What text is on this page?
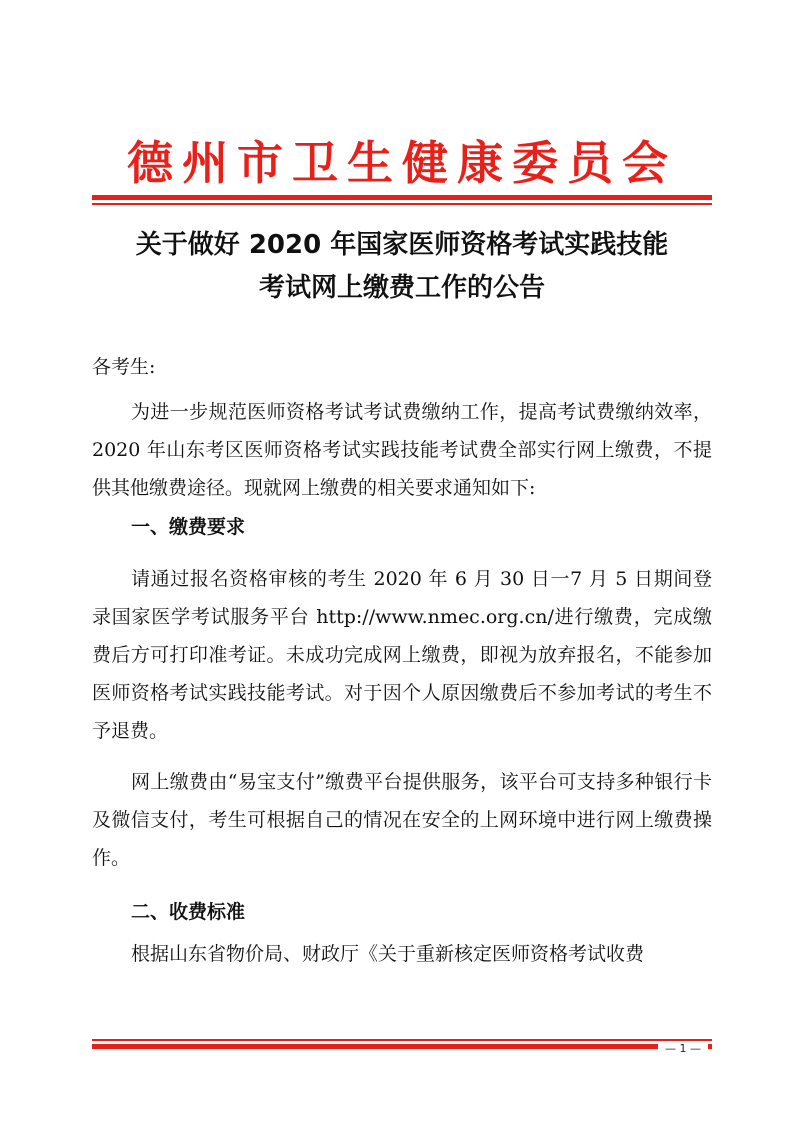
德州市卫生健康委员会
关于做好 2020 年国家医师资格考试实践技能
考试网上缴费工作的公告
各考生:
为进一步规范医师资格考试考试费缴纳工作，提高考试费缴纳效率，2020 年山东考区医师资格考试实践技能考试费全部实行网上缴费，不提供其他缴费途径。现就网上缴费的相关要求通知如下:
一、缴费要求
请通过报名资格审核的考生 2020 年 6 月 30 日一7 月 5 日期间登录国家医学考试服务平台 http://www.nmec.org.cn/进行缴费，完成缴费后方可打印准考证。未成功完成网上缴费，即视为放弃报名，不能参加医师资格考试实践技能考试。对于因个人原因缴费后不参加考试的考生不予退费。
网上缴费由“易宝支付”缴费平台提供服务，该平台可支持多种银行卡及微信支付，考生可根据自己的情况在安全的上网环境中进行网上缴费操作。
二、收费标准
根据山东省物价局、财政厅《关于重新核定医师资格考试收费
— 1 —
